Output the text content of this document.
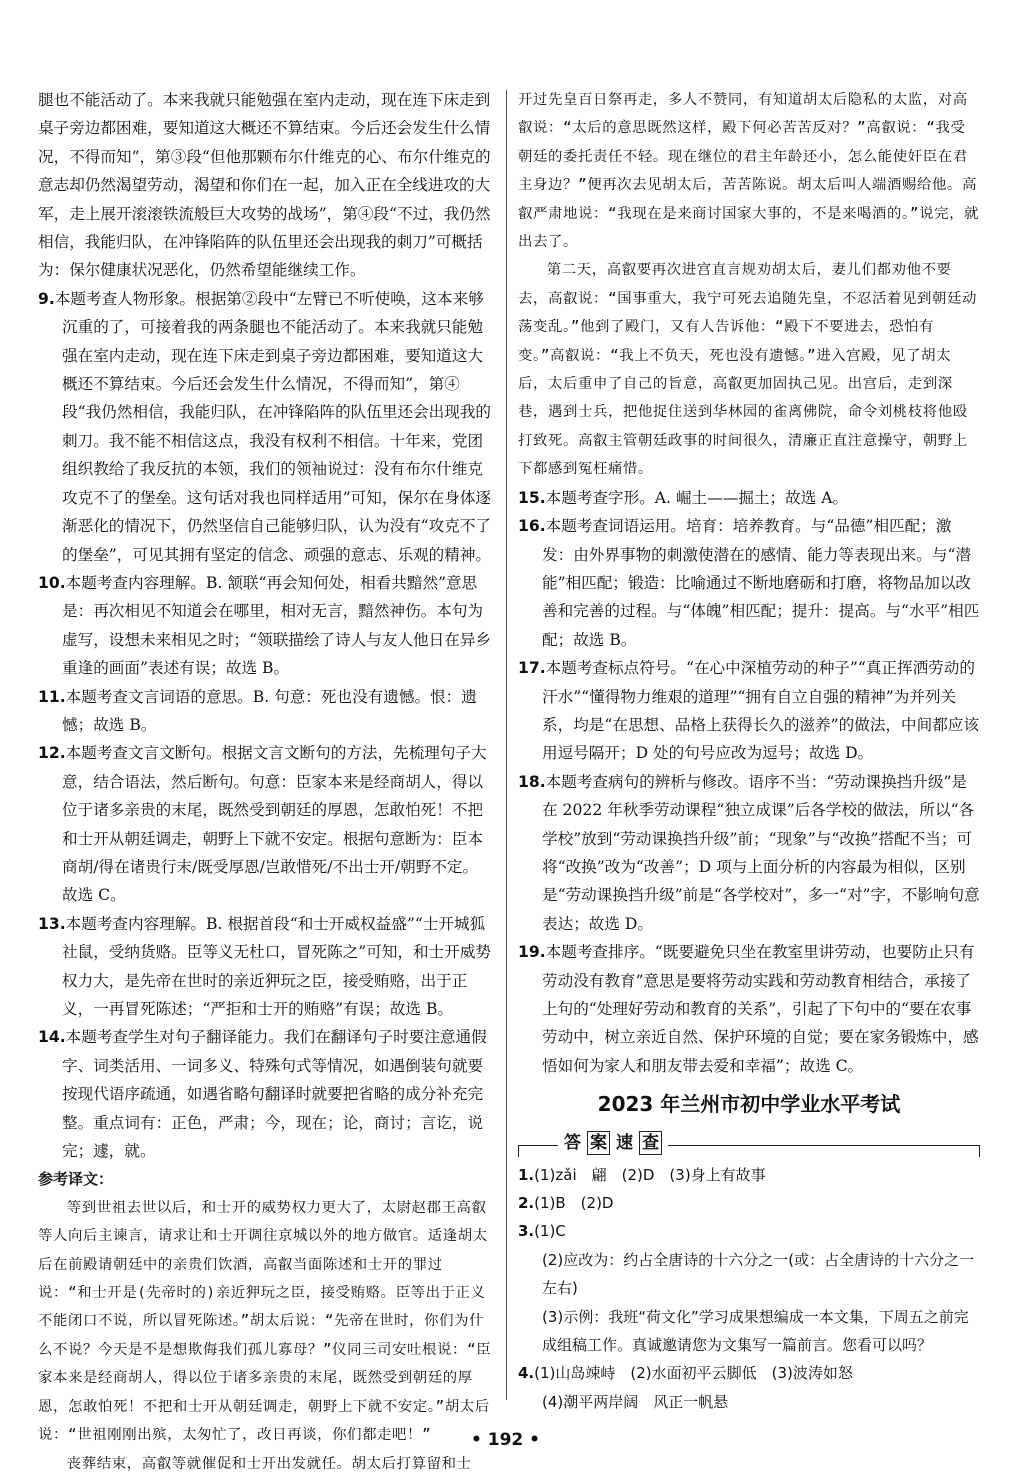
腿也不能活动了。本来我就只能勉强在室内走动，现在连下床走到桌子旁边都困难，要知道这大概还不算结束。今后还会发生什么情况，不得而知”，第③段“但他那颗布尔什维克的心、布尔什维克的意志却仍然渴望劳动，渴望和你们在一起，加入正在全线进攻的大军，走上展开滚滚铁流般巨大攻势的战场”，第④段“不过，我仍然相信，我能归队，在冲锋陷阵的队伍里还会出现我的刺刀”可概括为：保尔健康状况恶化，仍然希望能继续工作。

9.本题考查人物形象。根据第②段中“左臂已不听使唤，这本来够沉重的了，可接着我的两条腿也不能活动了。本来我就只能勉强在室内走动，现在连下床走到桌子旁边都困难，要知道这大概还不算结束。今后还会发生什么情况，不得而知”，第④段“我仍然相信，我能归队，在冲锋陷阵的队伍里还会出现我的刺刀。我不能不相信这点，我没有权利不相信。十年来，党团组织教给了我反抗的本领，我们的领袖说过：没有布尔什维克攻克不了的堡垒。这句话对我也同样适用”可知，保尔在身体逐渐恶化的情况下，仍然坚信自己能够归队，认为没有“攻克不了的堡垒”，可见其拥有坚定的信念、顽强的意志、乐观的精神。

10.本题考查内容理解。B. 颔联“再会知何处，相看共黯然”意思是：再次相见不知道会在哪里，相对无言，黯然神伤。本句为虚写，设想未来相见之时；“领联描绘了诗人与友人他日在异乡重逢的画面”表述有误；故选 B。

11.本题考查文言词语的意思。B. 句意：死也没有遗憾。恨：遗憾；故选 B。

12.本题考查文言文断句。根据文言文断句的方法，先梳理句子大意，结合语法，然后断句。句意：臣家本来是经商胡人，得以位于诸多亲贵的末尾，既然受到朝廷的厚恩，怎敢怕死！不把和士开从朝廷调走，朝野上下就不安定。根据句意断为：臣本商胡/得在诸贵行末/既受厚恩/岂敢惜死/不出士开/朝野不定。故选 C。

13.本题考查内容理解。B. 根据首段“和士开威权益盛”“士开城狐社鼠，受纳货赂。臣等义无杜口，冒死陈之”可知，和士开威势权力大，是先帝在世时的亲近狎玩之臣，接受贿赂，出于正义，一再冒死陈述；“严拒和士开的贿赂”有误；故选 B。

14.本题考查学生对句子翻译能力。我们在翻译句子时要注意通假字、词类活用、一词多义、特殊句式等情况，如遇倒装句就要按现代语序疏通，如遇省略句翻译时就要把省略的成分补充完整。重点词有：正色，严肃；今，现在；论，商讨；言讫，说完；遽，就。

参考译文：

等到世祖去世以后，和士开的威势权力更大了，太尉赵郡王高叡等人向后主谏言，请求让和士开调往京城以外的地方做官。适逢胡太后在前殿请朝廷中的亲贵们饮酒，高叡当面陈述和士开的罪过说：“和士开是(先帝时的)亲近狎玩之臣，接受贿赂。臣等出于正义不能闭口不说，所以冒死陈述。”胡太后说：“先帝在世时，你们为什么不说？今天是不是想欺侮我们孤儿寡母？”仪同三司安吐根说：“臣家本来是经商胡人，得以位于诸多亲贵的末尾，既然受到朝廷的厚恩，怎敢怕死！不把和士开从朝廷调走，朝野上下就不安定。”胡太后说：“世祖刚刚出殡，太匆忙了，改日再谈，你们都走吧！”

丧葬结束，高叡等就催促和士开出发就任。胡太后打算留和士

开过先皇百日祭再走，多人不赞同，有知道胡太后隐私的太监，对高叡说：“太后的意思既然这样，殿下何必苦苦反对？”高叡说：“我受朝廷的委托责任不轻。现在继位的君主年龄还小，怎么能使奸臣在君主身边？”便再次去见胡太后，苦苦陈说。胡太后叫人端酒赐给他。高叡严肃地说：“我现在是来商讨国家大事的，不是来喝酒的。”说完，就出去了。

第二天，高叡要再次进宫直言规劝胡太后，妻儿们都劝他不要去，高叡说：“国事重大，我宁可死去追随先皇，不忍活着见到朝廷动荡变乱。”他到了殿门，又有人告诉他：“殿下不要进去，恐怕有变。”高叡说：“我上不负天，死也没有遗憾。”进入宫殿，见了胡太后，太后重申了自己的旨意，高叡更加固执己见。出宫后，走到深巷，遇到士兵，把他捉住送到华林园的雀离佛院，命令刘桃枝将他殴打致死。高叡主管朝廷政事的时间很久，清廉正直注意操守，朝野上下都感到冤枉痛惜。

15.本题考查字形。A. 崛土——掘土；故选 A。

16.本题考查词语运用。培育：培养教育。与“品德”相匹配；激发：由外界事物的刺激使潜在的感情、能力等表现出来。与“潜能”相匹配；锻造：比喻通过不断地磨砺和打磨，将物品加以改善和完善的过程。与“体魄”相匹配；提升：提高。与“水平”相匹配；故选 B。

17.本题考查标点符号。“在心中深植劳动的种子”“真正挥洒劳动的汗水”“懂得物力维艰的道理”“拥有自立自强的精神”为并列关系，均是“在思想、品格上获得长久的滋养”的做法，中间都应该用逗号隔开；D 处的句号应改为逗号；故选 D。

18.本题考查病句的辨析与修改。语序不当：“劳动课换挡升级”是在 2022 年秋季劳动课程“独立成课”后各学校的做法，所以“各学校”放到“劳动课换挡升级”前；“现象”与“改换”搭配不当；可将“改换”改为“改善”；D 项与上面分析的内容最为相似，区别是“劳动课换挡升级”前是“各学校对”，多一“对”字，不影响句意表达；故选 D。

19.本题考查排序。“既要避免只坐在教室里讲劳动，也要防止只有劳动没有教育”意思是要将劳动实践和劳动教育相结合，承接了上句的“处理好劳动和教育的关系”，引起了下句中的“要在农事劳动中，树立亲近自然、保护环境的自觉；要在家务锻炼中，感悟如何为家人和朋友带去爱和幸福”；故选 C。

2023 年兰州市初中学业水平考试
答 案 速 查

1.(1)zǎi　翩　(2)D　(3)身上有故事

2.(1)B　(2)D

3.(1)C

(2)应改为：约占全唐诗的十六分之一(或：占全唐诗的十六分之一左右)

(3)示例：我班“荷文化”学习成果想编成一本文集，下周五之前完成组稿工作。真诚邀请您为文集写一篇前言。您看可以吗？

4.(1)山岛竦峙　(2)水面初平云脚低　(3)波涛如怒

(4)潮平两岸阔　风正一帆悬

• 192 •
